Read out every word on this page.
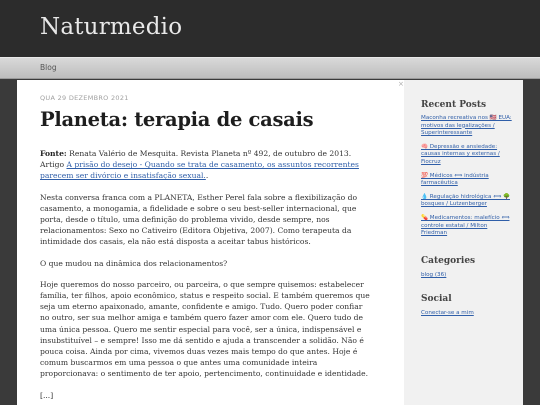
Naturmedio
Blog
QUA 29 DEZEMBRO 2021
Planeta: terapia de casais

Fonte: Renata Valério de Mesquita. Revista Planeta nº 492, de outubro de 2013. Artigo A prisão do desejo - Quando se trata de casamento, os assuntos recorrentes parecem ser divórcio e insatisfação sexual..

Nesta conversa franca com a PLANETA, Esther Perel fala sobre a flexibilização do casamento, a monogamia, a fidelidade e sobre o seu best-seller internacional, que porta, desde o título, uma definição do problema vivido, desde sempre, nos relacionamentos: Sexo no Cativeiro (Editora Objetiva, 2007). Como terapeuta da intimidade dos casais, ela não está disposta a aceitar tabus históricos.

O que mudou na dinâmica dos relacionamentos?

Hoje queremos do nosso parceiro, ou parceira, o que sempre quisemos: estabelecer família, ter filhos, apoio econômico, status e respeito social. E também queremos que seja um eterno apaixonado, amante, confidente e amigo. Tudo. Quero poder confiar no outro, ser sua melhor amiga e também quero fazer amor com ele. Quero tudo de uma única pessoa. Quero me sentir especial para você, ser a única, indispensável e insubstituível – e sempre! Isso me dá sentido e ajuda a transcender a solidão. Não é pouca coisa. Ainda por cima, vivemos duas vezes mais tempo do que antes. Hoje é comum buscarmos em uma pessoa o que antes uma comunidade inteira proporcionava: o sentimento de ter apoio, pertencimento, continuidade e identidade.

[...]

×
Recent Posts
Maconha recreativa nos 🇺🇸 EUA: motivos das legalizações / Superinteressante
🧠 Depressão e ansiedade: causas internas y externas / Fiocruz
💯 Médicos ⟺ indústria farmacêutica
💧 Regulação hidrológica ⟺ 🌳 bosques / Lutzenberger
💊 Medicamentos: malefício ⟺ controle estatal / Milton Friedman
Categories
blog (36)
Social
Conectar-se a mim
